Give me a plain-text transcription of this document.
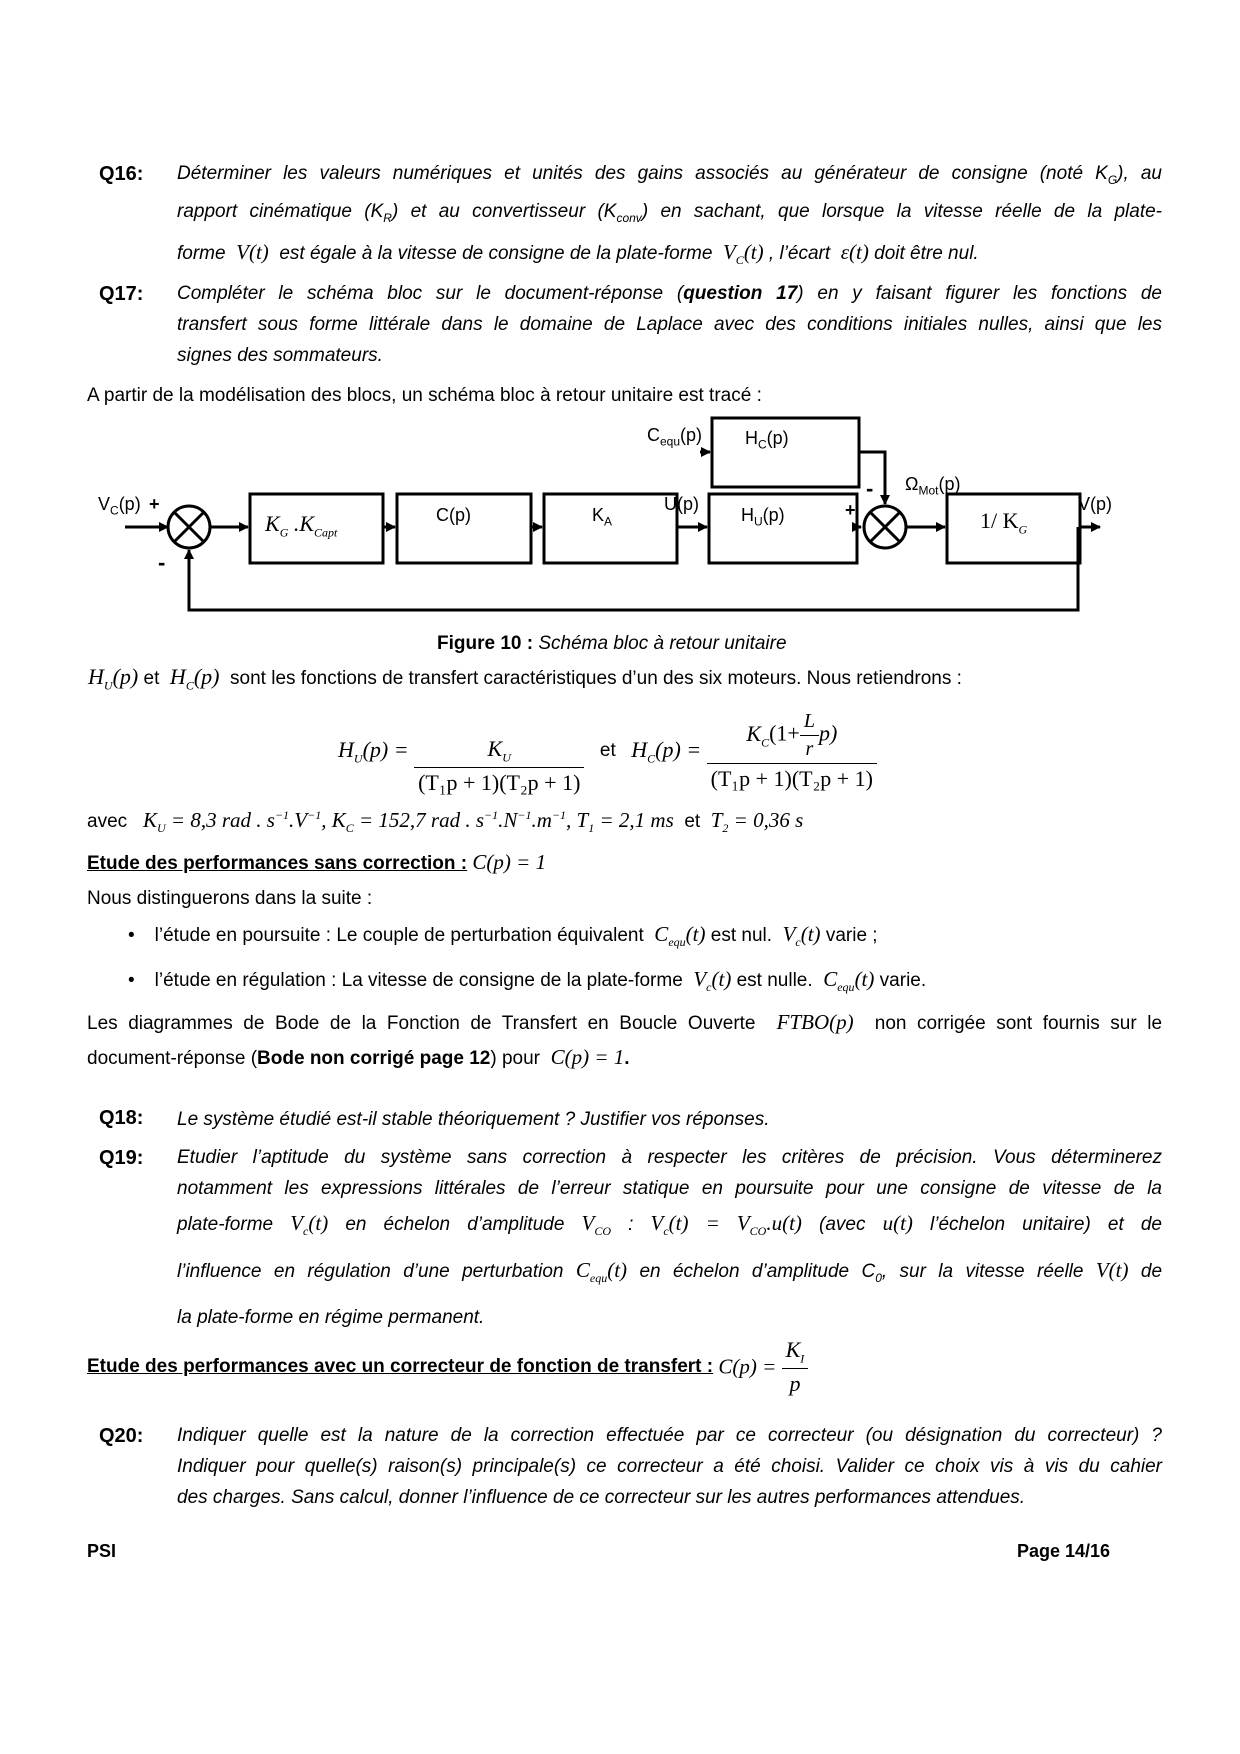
Q16: Déterminer les valeurs numériques et unités des gains associés au générateur de consigne (noté $K_G$), au
rapport cinématique $(K_R)$ et au convertisseur $(K_{conv})$ en sachant, que lorsque la vitesse réelle de la plate-
forme V(t) est égale à la vitesse de consigne de la plate-forme $V_C(t)$ , l’écart ε(t) doit être nul.
Q17: Compléter le schéma bloc sur le document-réponse (question 17) en y faisant figurer les fonctions de
transfert sous forme littérale dans le domaine de Laplace avec des conditions initiales nulles, ainsi que les
signes des sommateurs.
A partir de la modélisation des blocs, un schéma bloc à retour unitaire est tracé :
$V_C(p)$ +
-
$K_G$ $.K_{Capt}$
C(p)	$K_A$
U(p)
$H_U(p)$
$C_{equ}(p)$ $H_C(p)$
+
- $\Omega_{Mot}(p)$
1/ $K_G$
V(p)
Figure 10 : Schéma bloc à retour unitaire
$H_U(p)$ et $H_C(p)$ sont les fonctions de transfert caractéristiques d’un des six moteurs. Nous retiendrons :
$H_U(p) = \frac{K_U}{\text{(T₁p + 1)(T₂p + 1)}}$ et $H_C(p) = \frac{K_C(1+ \frac{L}{r} p)}{\text{(T₁p + 1)(T₂p + 1)}}$
avec $K_U = 8,3$ rad . $s^{-1}.V^{-1}$, $K_C = 152,7$ rad . $s^{-1}.N^{-1}.m^{-1}$, $T_1 = 2,1$ ms et $T_2 = 0,36$ s
Etude des performances sans correction : C(p) = 1
Nous distinguerons dans la suite :
• l’étude en poursuite : Le couple de perturbation équivalent $C_{equ}(t)$ est nul. $V_c(t)$ varie ;
• l’étude en régulation : La vitesse de consigne de la plate-forme $V_c(t)$ est nulle. $C_{equ}(t)$ varie.
Les diagrammes de Bode de la Fonction de Transfert en Boucle Ouverte FTBO(p) non corrigée sont fournis sur le
document-réponse (Bode non corrigé page 12) pour C(p) = 1.
Q18: Le système étudié est-il stable théoriquement ? Justifier vos réponses.
Q19: Etudier l’aptitude du système sans correction à respecter les critères de précision. Vous déterminerez
notamment les expressions littérales de l’erreur statique en poursuite pour une consigne de vitesse de la
plate-forme $V_c(t)$ en échelon d’amplitude $V_{CO}$ : $V_c(t) = V_{CO}.u(t)$ (avec u(t) l’échelon unitaire) et de
l’influence en régulation d’une perturbation $C_{equ}(t)$ en échelon d’amplitude $C_0$, sur la vitesse réelle V(t) de
la plate-forme en régime permanent.
Etude des performances avec un correcteur de fonction de transfert : $C(p) = \frac{K_I}{p}$
Q20: Indiquer quelle est la nature de la correction effectuée par ce correcteur (ou désignation du correcteur) ?
Indiquer pour quelle(s) raison(s) principale(s) ce correcteur a été choisi. Valider ce choix vis à vis du cahier
des charges. Sans calcul, donner l’influence de ce correcteur sur les autres performances attendues.
PSI	Page 14/16
